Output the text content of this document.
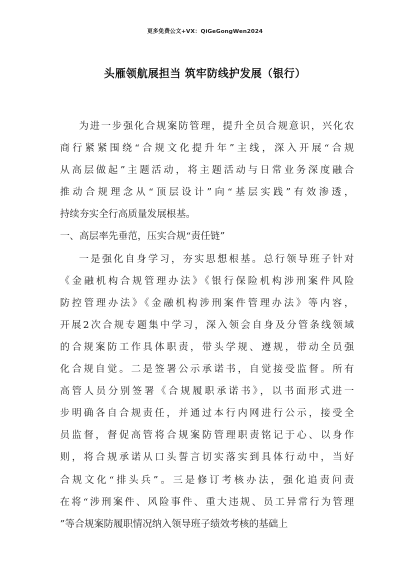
更多免费公文+VX：QiGeGongWen2024
头雁领航展担当 筑牢防线护发展（银行）
为进一步强化合规案防管理，提升全员合规意识，兴化农
商行紧紧围绕“合规文化提升年”主线，深入开展“合规
从高层做起”主题活动，将主题活动与日常业务深度融合
推动合规理念从“顶层设计”向“基层实践”有效渗透，
持续夯实全行高质量发展根基。
一、高层率先垂范，压实合规“责任链”
一是强化自身学习，夯实思想根基。总行领导班子针对
《金融机构合规管理办法》《银行保险机构涉刑案件风险
防控管理办法》《金融机构涉刑案件管理办法》等内容，
开展2次合规专题集中学习，深入领会自身及分管条线领域
的合规案防工作具体职责，带头学规、遵规，带动全员强
化合规自觉。二是签署公示承诺书，自觉接受监督。所有
高管人员分别签署《合规履职承诺书》，以书面形式进一
步明确各自合规责任，并通过本行内网进行公示，接受全
员监督，督促高管将合规案防管理职责铭记于心、以身作
则，将合规承诺从口头誓言切实落实到具体行动中，当好
合规文化“排头兵”。三是修订考核办法，强化追责问责
在将“涉刑案件、风险事件、重大违规、员工异常行为管理
”等合规案防履职情况纳入领导班子绩效考核的基础上
